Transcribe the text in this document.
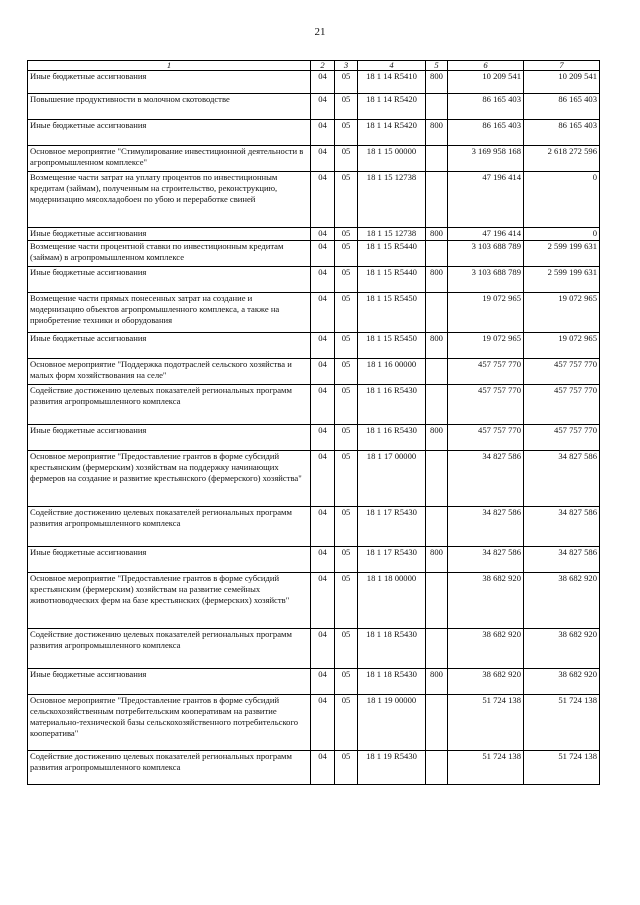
21
1	2	3	4	5	6	7
Иные бюджетные ассигнования	04	05	18 1 14 R5410	800	10 209 541	10 209 541
Повышение продуктивности в молочном скотоводстве	04	05	18 1 14 R5420		86 165 403	86 165 403
Иные бюджетные ассигнования	04	05	18 1 14 R5420	800	86 165 403	86 165 403
Основное мероприятие "Стимулирование инвестиционной деятельности в агропромышленном комплексе"	04	05	18 1 15 00000		3 169 958 168	2 618 272 596
Возмещение части затрат на уплату процентов по инвестиционным кредитам (займам), полученным на строительство, реконструкцию, модернизацию мясохладобоен по убою и переработке свиней	04	05	18 1 15 12738		47 196 414	0
Иные бюджетные ассигнования	04	05	18 1 15 12738	800	47 196 414	0
Возмещение части процентной ставки по инвестиционным кредитам (займам) в агропромышленном комплексе	04	05	18 1 15 R5440		3 103 688 789	2 599 199 631
Иные бюджетные ассигнования	04	05	18 1 15 R5440	800	3 103 688 789	2 599 199 631
Возмещение части прямых понесенных затрат на создание и модернизацию объектов агропромышленного комплекса, а также на приобретение техники и оборудования	04	05	18 1 15 R5450		19 072 965	19 072 965
Иные бюджетные ассигнования	04	05	18 1 15 R5450	800	19 072 965	19 072 965
Основное мероприятие "Поддержка подотраслей сельского хозяйства и малых форм хозяйствования на селе"	04	05	18 1 16 00000		457 757 770	457 757 770
Содействие достижению целевых показателей региональных программ развития агропромышленного комплекса	04	05	18 1 16 R5430		457 757 770	457 757 770
Иные бюджетные ассигнования	04	05	18 1 16 R5430	800	457 757 770	457 757 770
Основное мероприятие "Предоставление грантов в форме субсидий крестьянским (фермерским) хозяйствам на поддержку начинающих фермеров на создание и развитие крестьянского (фермерского) хозяйства"	04	05	18 1 17 00000		34 827 586	34 827 586
Содействие достижению целевых показателей региональных программ развития агропромышленного комплекса	04	05	18 1 17 R5430		34 827 586	34 827 586
Иные бюджетные ассигнования	04	05	18 1 17 R5430	800	34 827 586	34 827 586
Основное мероприятие "Предоставление грантов в форме субсидий крестьянским (фермерским) хозяйствам на развитие семейных животноводческих ферм на базе крестьянских (фермерских) хозяйств"	04	05	18 1 18 00000		38 682 920	38 682 920
Содействие достижению целевых показателей региональных программ развития агропромышленного комплекса	04	05	18 1 18 R5430		38 682 920	38 682 920
Иные бюджетные ассигнования	04	05	18 1 18 R5430	800	38 682 920	38 682 920
Основное мероприятие "Предоставление грантов в форме субсидий сельскохозяйственным потребительским кооперативам на развитие материально-технической базы сельскохозяйственного потребительского кооператива"	04	05	18 1 19 00000		51 724 138	51 724 138
Содействие достижению целевых показателей региональных программ развития агропромышленного комплекса	04	05	18 1 19 R5430		51 724 138	51 724 138
